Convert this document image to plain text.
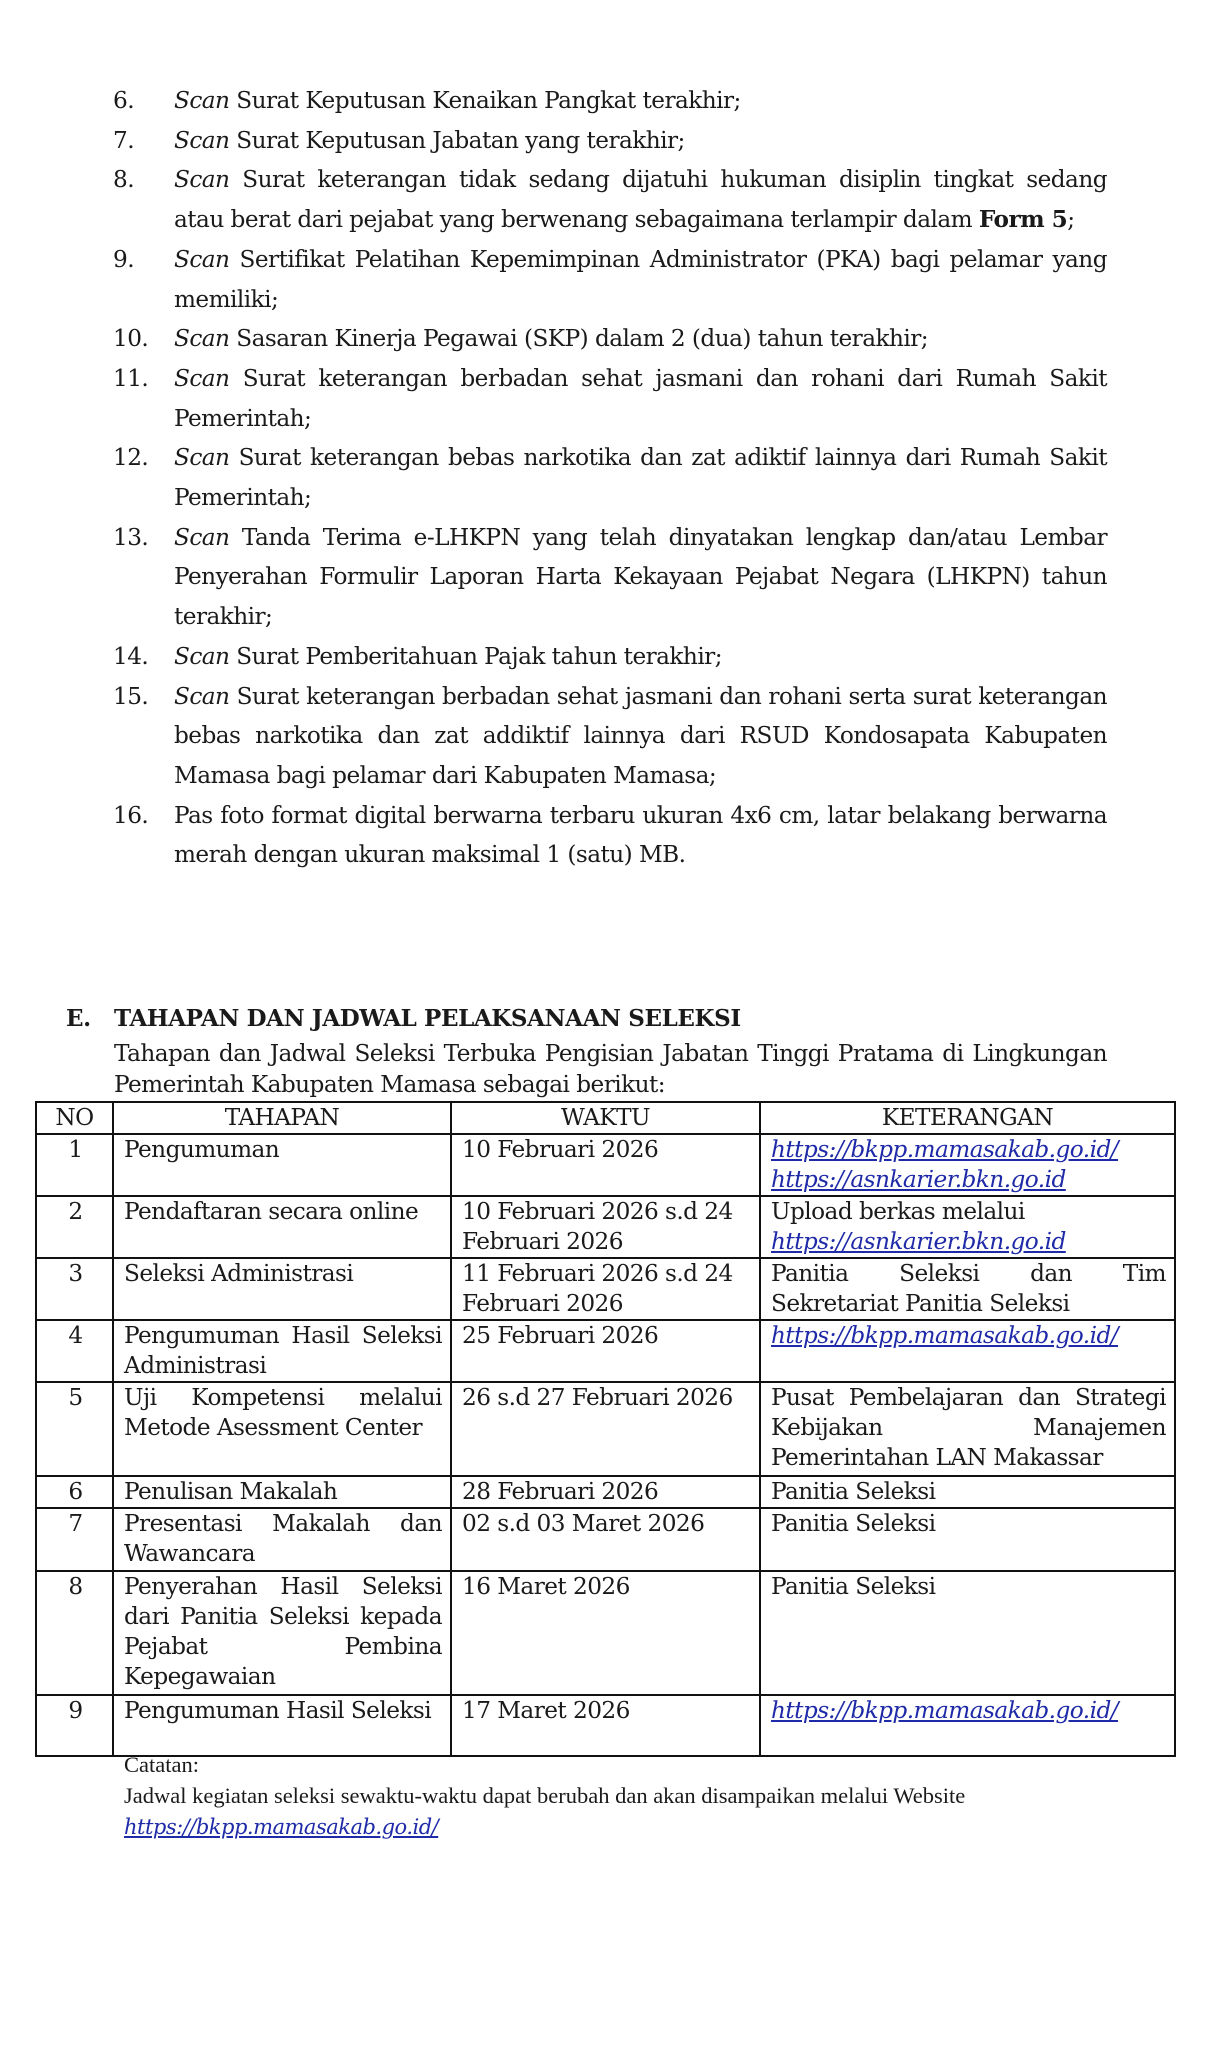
6. Scan Surat Keputusan Kenaikan Pangkat terakhir;
7. Scan Surat Keputusan Jabatan yang terakhir;
8. Scan Surat keterangan tidak sedang dijatuhi hukuman disiplin tingkat sedang atau berat dari pejabat yang berwenang sebagaimana terlampir dalam Form 5;
9. Scan Sertifikat Pelatihan Kepemimpinan Administrator (PKA) bagi pelamar yang memiliki;
10. Scan Sasaran Kinerja Pegawai (SKP) dalam 2 (dua) tahun terakhir;
11. Scan Surat keterangan berbadan sehat jasmani dan rohani dari Rumah Sakit Pemerintah;
12. Scan Surat keterangan bebas narkotika dan zat adiktif lainnya dari Rumah Sakit Pemerintah;
13. Scan Tanda Terima e-LHKPN yang telah dinyatakan lengkap dan/atau Lembar Penyerahan Formulir Laporan Harta Kekayaan Pejabat Negara (LHKPN) tahun terakhir;
14. Scan Surat Pemberitahuan Pajak tahun terakhir;
15. Scan Surat keterangan berbadan sehat jasmani dan rohani serta surat keterangan bebas narkotika dan zat addiktif lainnya dari RSUD Kondosapata Kabupaten Mamasa bagi pelamar dari Kabupaten Mamasa;
16. Pas foto format digital berwarna terbaru ukuran 4x6 cm, latar belakang berwarna merah dengan ukuran maksimal 1 (satu) MB.
E. TAHAPAN DAN JADWAL PELAKSANAAN SELEKSI
Tahapan dan Jadwal Seleksi Terbuka Pengisian Jabatan Tinggi Pratama di Lingkungan Pemerintah Kabupaten Mamasa sebagai berikut:
NO	TAHAPAN	WAKTU	KETERANGAN
1	Pengumuman	10 Februari 2026	https://bkpp.mamasakab.go.id/
https://asnkarier.bkn.go.id

2	Pendaftaran secara online	10 Februari 2026 s.d 24 Februari 2026	Upload berkas melalui
https://asnkarier.bkn.go.id

3	Seleksi Administrasi	11 Februari 2026 s.d 24 Februari 2026	Panitia Seleksi dan Tim Sekretariat Panitia Seleksi
4	Pengumuman Hasil Seleksi Administrasi	25 Februari 2026	https://bkpp.mamasakab.go.id/

5	Uji Kompetensi melalui Metode Asessment Center	26 s.d 27 Februari 2026	Pusat Pembelajaran dan Strategi Kebijakan Manajemen Pemerintahan LAN Makassar
6	Penulisan Makalah	28 Februari 2026	Panitia Seleksi
7	Presentasi Makalah dan Wawancara	02 s.d 03 Maret 2026	Panitia Seleksi
8	Penyerahan Hasil Seleksi dari Panitia Seleksi kepada Pejabat Pembina Kepegawaian	16 Maret 2026	Panitia Seleksi
9	Pengumuman Hasil Seleksi	17 Maret 2026	https://bkpp.mamasakab.go.id/
Catatan:
Jadwal kegiatan seleksi sewaktu-waktu dapat berubah dan akan disampaikan melalui Website
https://bkpp.mamasakab.go.id/
